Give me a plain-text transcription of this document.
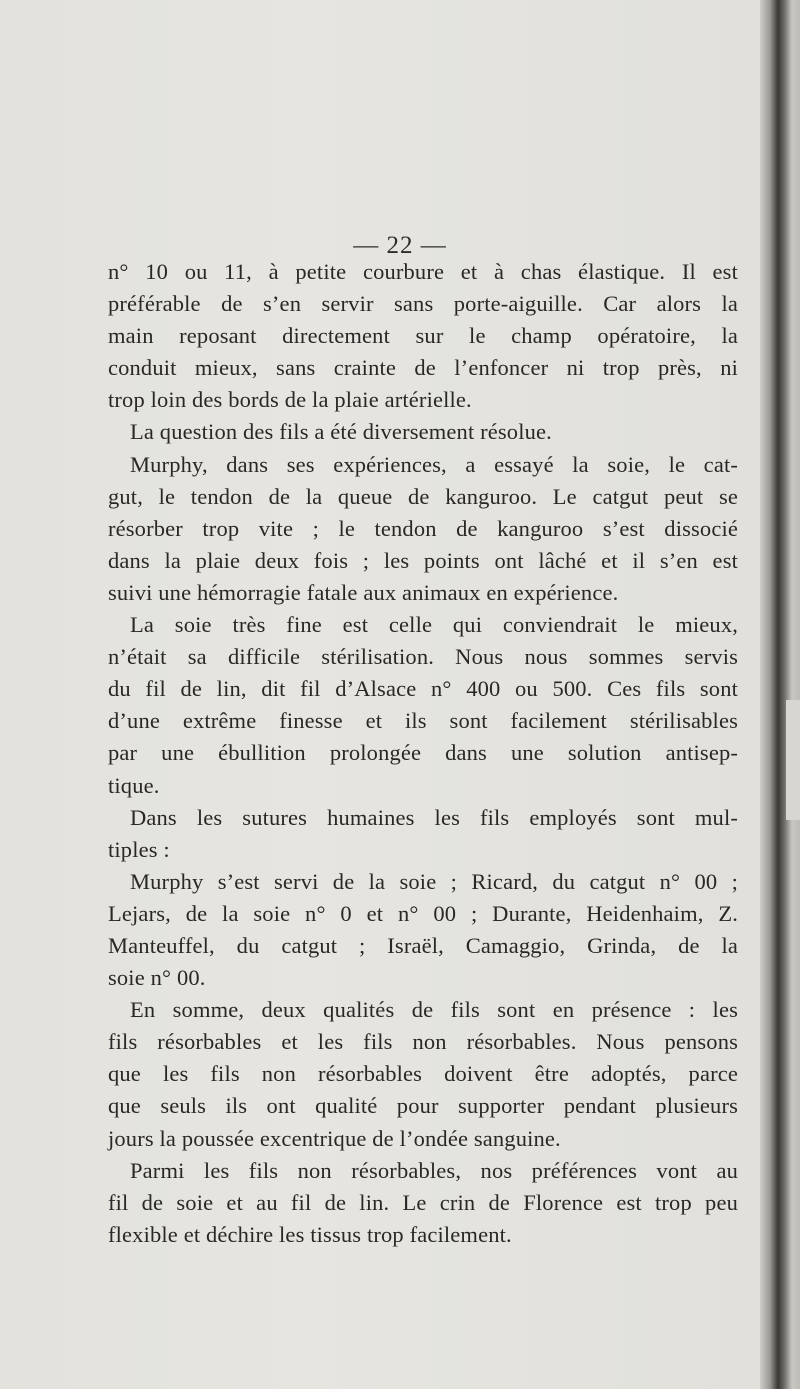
— 22 —
n° 10 ou 11, à petite courbure et à chas élastique. Il est
préférable de s’en servir sans porte-aiguille. Car alors la
main reposant directement sur le champ opératoire, la
conduit mieux, sans crainte de l’enfoncer ni trop près, ni
trop loin des bords de la plaie artérielle.
La question des fils a été diversement résolue.
Murphy, dans ses expériences, a essayé la soie, le cat-
gut, le tendon de la queue de kanguroo. Le catgut peut se
résorber trop vite ; le tendon de kanguroo s’est dissocié
dans la plaie deux fois ; les points ont lâché et il s’en est
suivi une hémorragie fatale aux animaux en expérience.
La soie très fine est celle qui conviendrait le mieux,
n’était sa difficile stérilisation. Nous nous sommes servis
du fil de lin, dit fil d’Alsace n° 400 ou 500. Ces fils sont
d’une extrême finesse et ils sont facilement stérilisables
par une ébullition prolongée dans une solution antisep-
tique.
Dans les sutures humaines les fils employés sont mul-
tiples :
Murphy s’est servi de la soie ; Ricard, du catgut n° 00 ;
Lejars, de la soie n° 0 et n° 00 ; Durante, Heidenhaim, Z.
Manteuffel, du catgut ; Israël, Camaggio, Grinda, de la
soie n° 00.
En somme, deux qualités de fils sont en présence : les
fils résorbables et les fils non résorbables. Nous pensons
que les fils non résorbables doivent être adoptés, parce
que seuls ils ont qualité pour supporter pendant plusieurs
jours la poussée excentrique de l’ondée sanguine.
Parmi les fils non résorbables, nos préférences vont au
fil de soie et au fil de lin. Le crin de Florence est trop peu
flexible et déchire les tissus trop facilement.
